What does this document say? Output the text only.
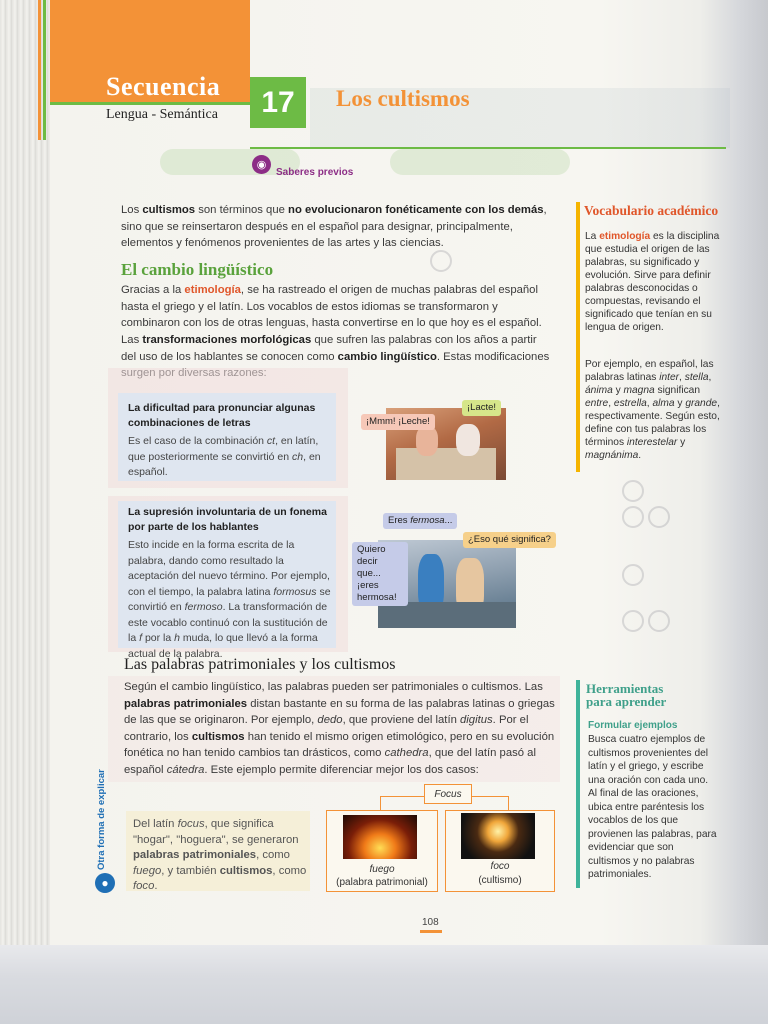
Secuencia
Lengua - Semántica	17	Los cultismos
◉
Saberes previos
Los cultismos son términos que no evolucionaron fonéticamente con los demás, sino que se reinsertaron después en el español para designar, principalmente, elementos y fenómenos provenientes de las artes y las ciencias.
El cambio lingüístico
Gracias a la etimología, se ha rastreado el origen de muchas palabras del español hasta el griego y el latín. Los vocablos de estos idiomas se transformaron y combinaron con los de otras lenguas, hasta convertirse en lo que hoy es el español.
Las transformaciones morfológicas que sufren las palabras con los años a partir del uso de los hablantes se conocen como cambio lingüístico. Estas modificaciones
La dificultad para pronunciar algunas combinaciones de letras
Es el caso de la combinación ct, en latín, que posteriormente se convirtió en ch, en español.
¡Mmm! ¡Leche!
¡Lacte!
La supresión involuntaria de un fonema por parte de los hablantes
Esto incide en la forma escrita de la palabra, dando como resultado la aceptación del nuevo término. Por ejemplo, con el tiempo, la palabra latina formosus se convirtió en fermoso. La transformación de este vocablo continuó con la sustitución de la f por la h muda, lo que llevó a la forma actual de la palabra.
Eres fermosa...
Quiero decir que... ¡eres hermosa!
¿Eso qué significa?
Las palabras patrimoniales y los cultismos
Según el cambio lingüístico, las palabras pueden ser patrimoniales o cultismos. Las palabras patrimoniales distan bastante en su forma de las palabras latinas o griegas de las que se originaron. Por ejemplo, dedo, que proviene del latín digitus. Por el contrario, los cultismos han tenido el mismo origen etimológico, pero en su evolución fonética no han tenido cambios tan drásticos, como cathedra, que del latín pasó al español cátedra. Este ejemplo permite diferenciar mejor los dos casos:
Otra forma de explicar
●
Del latín focus, que significa "hogar", "hoguera", se generaron palabras patrimoniales, como fuego, y también cultismos, como foco.
Focus
fuego
(palabra patrimonial)
foco
(cultismo)
Vocabulario académico
La etimología es la disciplina que estudia el origen de las palabras, su significado y evolución. Sirve para definir palabras desconocidas o compuestas, revisando el significado que tenían en su lengua de origen.
Por ejemplo, en español, las palabras latinas inter, stella, ánima y magna significan entre, estrella, alma y grande, respectivamente. Según esto, define con tus palabras los términos interestelar y magnánima.
Herramientas
para aprender
Formular ejemplos
Busca cuatro ejemplos de cultismos provenientes del latín y el griego, y escribe una oración con cada uno. Al final de las oraciones, ubica entre paréntesis los vocablos de los que provienen las palabras, para evidenciar que son cultismos y no palabras patrimoniales.
108
